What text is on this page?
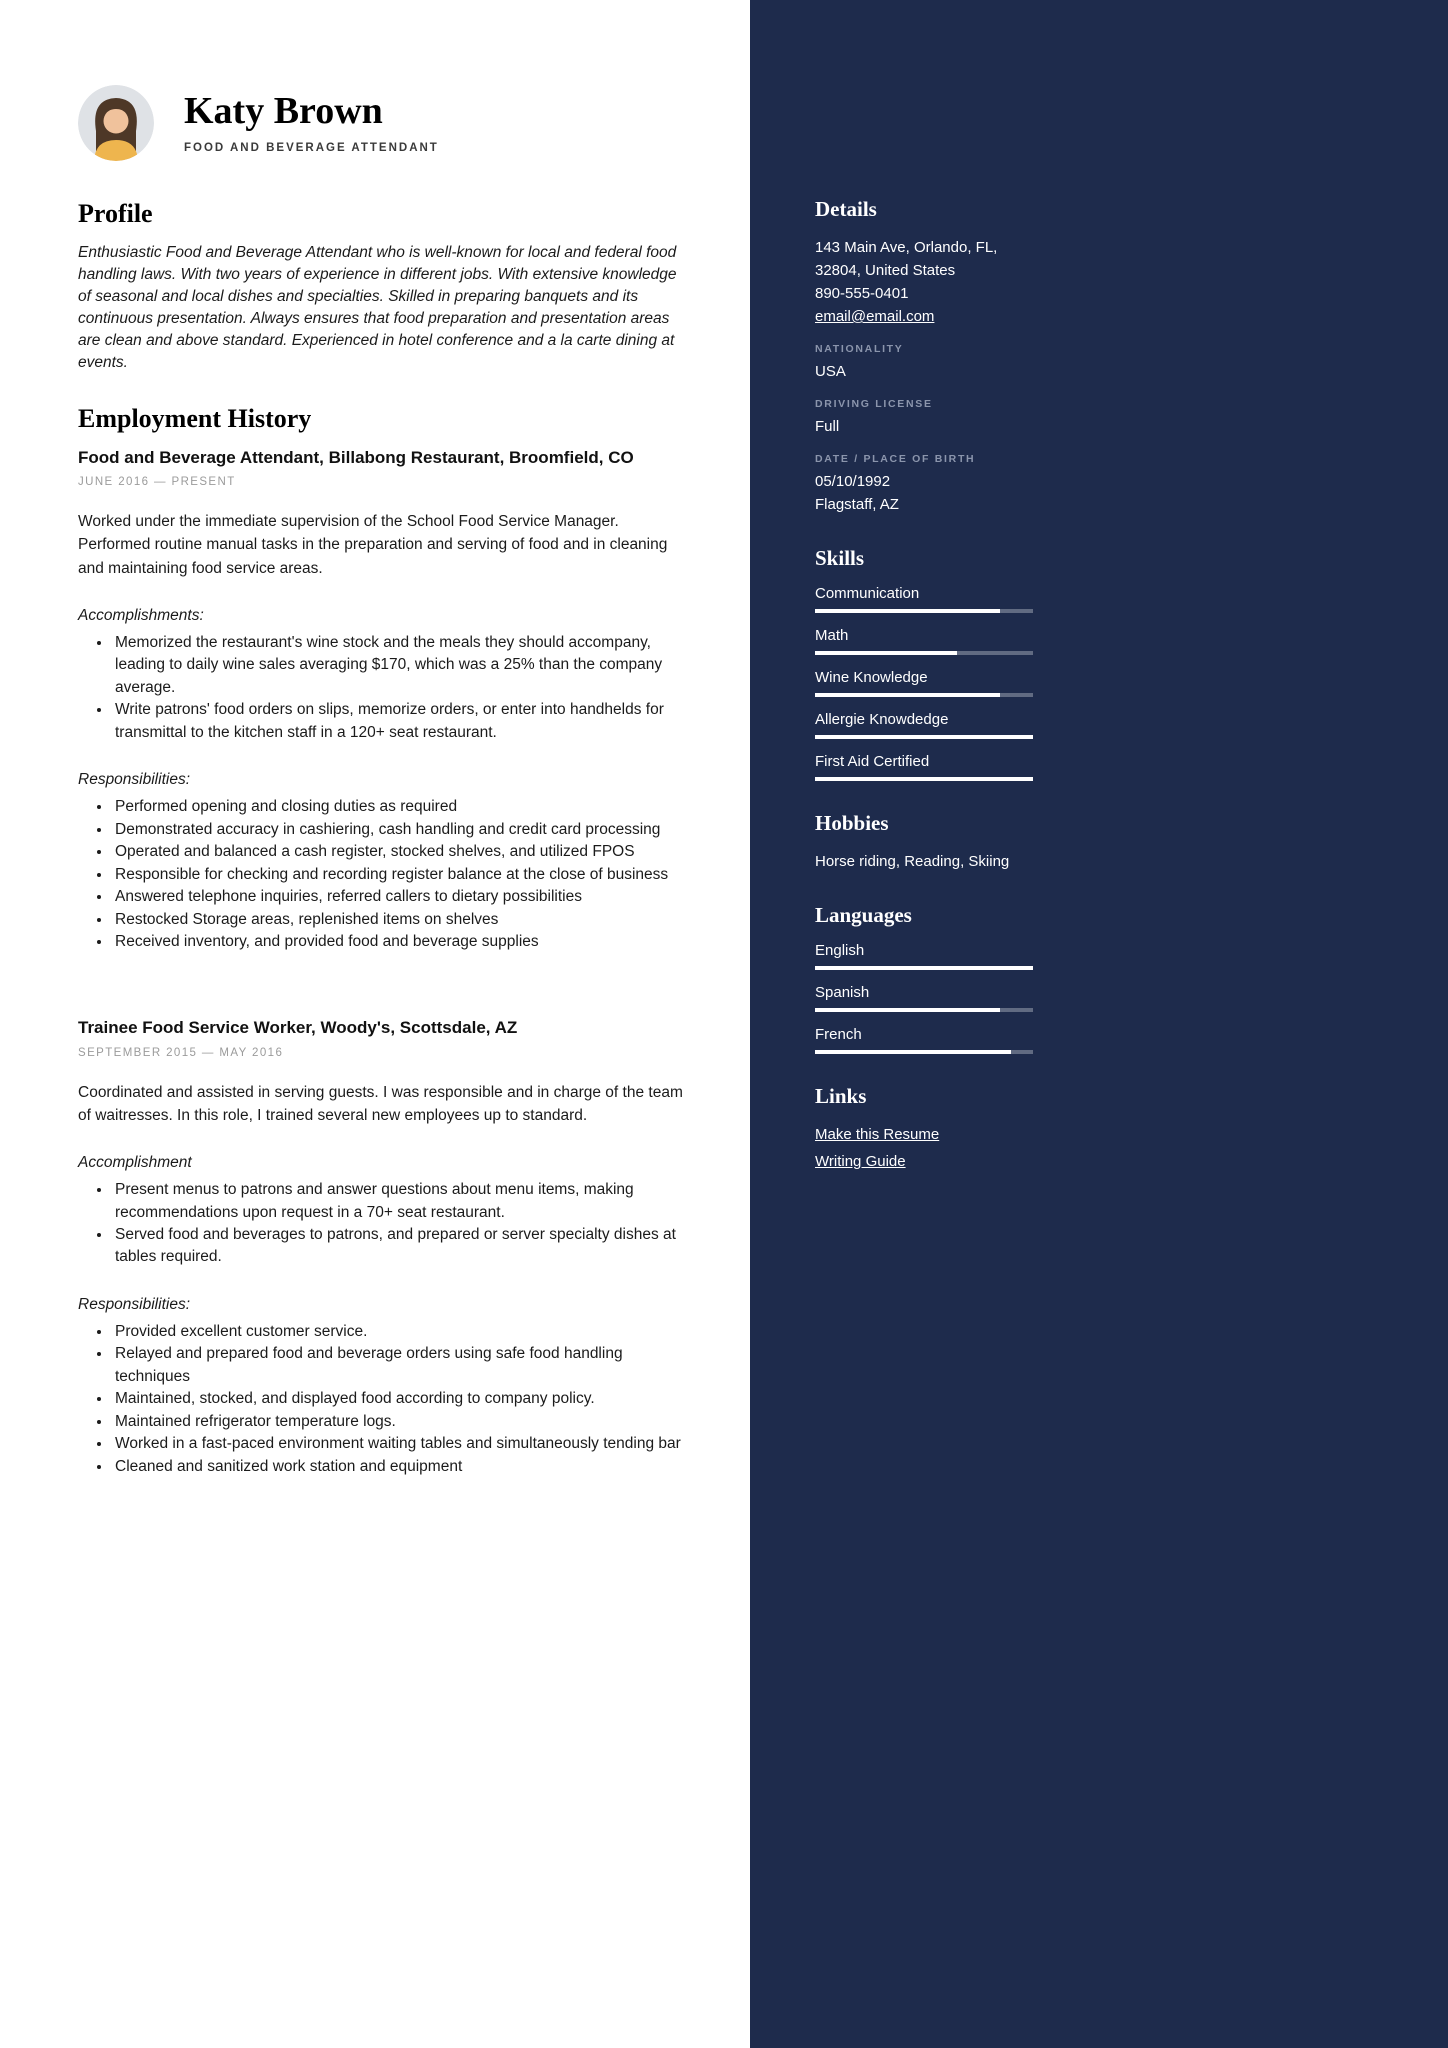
Katy Brown
FOOD AND BEVERAGE ATTENDANT
Profile

Enthusiastic Food and Beverage Attendant who is well-known for local and federal food handling laws. With two years of experience in different jobs. With extensive knowledge of seasonal and local dishes and specialties. Skilled in preparing banquets and its continuous presentation. Always ensures that food preparation and presentation areas are clean and above standard. Experienced in hotel conference and a la carte dining at events.

Employment History
Food and Beverage Attendant, Billabong Restaurant, Broomfield, CO
JUNE 2016 — PRESENT

Worked under the immediate supervision of the School Food Service Manager. Performed routine manual tasks in the preparation and serving of food and in cleaning and maintaining food service areas.

Accomplishments:

• Memorized the restaurant's wine stock and the meals they should accompany, leading to daily wine sales averaging $170, which was a 25% than the company average.
• Write patrons' food orders on slips, memorize orders, or enter into handhelds for transmittal to the kitchen staff in a 120+ seat restaurant.

Responsibilities:

• Performed opening and closing duties as required
• Demonstrated accuracy in cashiering, cash handling and credit card processing
• Operated and balanced a cash register, stocked shelves, and utilized FPOS
• Responsible for checking and recording register balance at the close of business
• Answered telephone inquiries, referred callers to dietary possibilities
• Restocked Storage areas, replenished items on shelves
• Received inventory, and provided food and beverage supplies
Trainee Food Service Worker, Woody's, Scottsdale, AZ
SEPTEMBER 2015 — MAY 2016

Coordinated and assisted in serving guests. I was responsible and in charge of the team of waitresses. In this role, I trained several new employees up to standard.

Accomplishment

• Present menus to patrons and answer questions about menu items, making recommendations upon request in a 70+ seat restaurant.
• Served food and beverages to patrons, and prepared or server specialty dishes at tables required.

Responsibilities:

• Provided excellent customer service.
• Relayed and prepared food and beverage orders using safe food handling techniques
• Maintained, stocked, and displayed food according to company policy.
• Maintained refrigerator temperature logs.
• Worked in a fast-paced environment waiting tables and simultaneously tending bar
• Cleaned and sanitized work station and equipment
Details
143 Main Ave, Orlando, FL,
32804, United States
890-555-0401
email@email.com
NATIONALITY
USA
DRIVING LICENSE
Full
DATE / PLACE OF BIRTH
05/10/1992
Flagstaff, AZ
Skills
Communication
Math
Wine Knowledge
Allergie Knowdedge
First Aid Certified
Hobbies
Horse riding, Reading, Skiing
Languages
English
Spanish
French
Links
Make this Resume
Writing Guide
